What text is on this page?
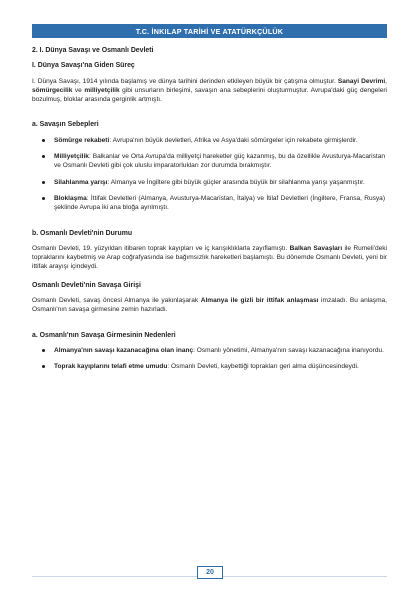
T.C. İNKILAP TARİHİ VE ATATÜRKÇÜLÜK
2. I. Dünya Savaşı ve Osmanlı Devleti
I. Dünya Savaşı'na Giden Süreç

I. Dünya Savaşı, 1914 yılında başlamış ve dünya tarihini derinden etkileyen büyük bir çatışma olmuştur. Sanayi Devrimi, sömürgecilik ve milliyetçilik gibi unsurların birleşimi, savaşın ana sebeplerini oluşturmuştur. Avrupa'daki güç dengeleri bozulmuş, bloklar arasında gerginlik artmıştı.

a. Savaşın Sebepleri
Sömürge rekabeti: Avrupa'nın büyük devletleri, Afrika ve Asya'daki sömürgeler için rekabete girmişlerdir.
Milliyetçilik: Balkanlar ve Orta Avrupa'da milliyetçi hareketler güç kazanmış, bu da özellikle Avusturya-Macaristan ve Osmanlı Devleti gibi çok uluslu imparatorlukları zor durumda bırakmıştır.
Silahlanma yarışı: Almanya ve İngiltere gibi büyük güçler arasında büyük bir silahlanma yarışı yaşanmıştır.
Bloklaşma: İttifak Devletleri (Almanya, Avusturya-Macaristan, İtalya) ve İtilaf Devletleri (İngiltere, Fransa, Rusya) şeklinde Avrupa iki ana bloğa ayrılmıştı.
b. Osmanlı Devleti'nin Durumu

Osmanlı Devleti, 19. yüzyıldan itibaren toprak kayıpları ve iç karışıklıklarla zayıflamıştı. Balkan Savaşları ile Rumeli'deki topraklarını kaybetmiş ve Arap coğrafyasında ise bağımsızlık hareketleri başlamıştı. Bu dönemde Osmanlı Devleti, yeni bir ittifak arayışı içindeydi.

Osmanlı Devleti'nin Savaşa Girişi

Osmanlı Devleti, savaş öncesi Almanya ile yakınlaşarak Almanya ile gizli bir ittifak anlaşması imzaladı. Bu anlaşma, Osmanlı'nın savaşa girmesine zemin hazırladı.

a. Osmanlı'nın Savaşa Girmesinin Nedenleri
Almanya'nın savaşı kazanacağına olan inanç: Osmanlı yönetimi, Almanya'nın savaşı kazanacağına inanıyordu.
Toprak kayıplarını telafi etme umudu: Osmanlı Devleti, kaybettiği toprakları geri alma düşüncesindeydi.
20
